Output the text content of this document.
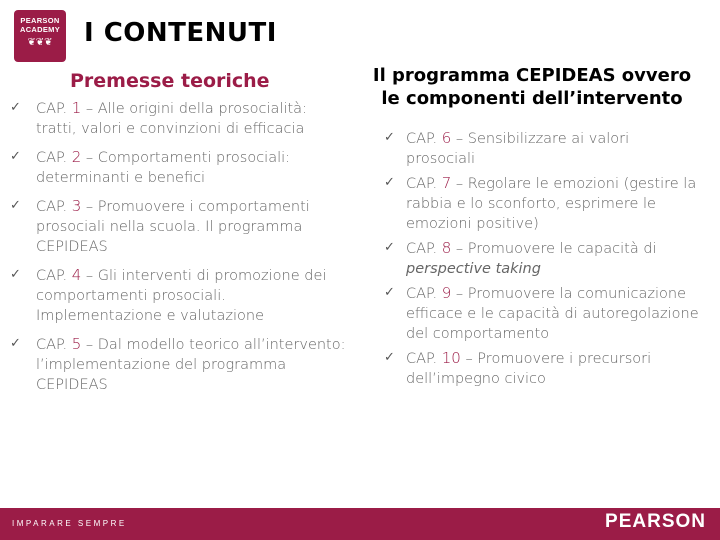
PEARSON
ACADEMY
❦❦❦	I CONTENUTI
Premesse teoriche	Il programma CEPIDEAS ovvero le componenti dell’intervento
✓ CAP. 1 – Alle origini della prosocialità: tratti, valori e convinzioni di efficacia
✓ CAP. 2 – Comportamenti prosociali: determinanti e benefici
✓ CAP. 3 – Promuovere i comportamenti prosociali nella scuola. Il programma CEPIDEAS
✓ CAP. 4 – Gli interventi di promozione dei comportamenti prosociali. Implementazione e valutazione
✓ CAP. 5 – Dal modello teorico all’intervento: l’implementazione del programma CEPIDEAS
✓ CAP. 6 – Sensibilizzare ai valori prosociali
✓ CAP. 7 – Regolare le emozioni (gestire la rabbia e lo sconforto, esprimere le emozioni positive)
✓ CAP. 8 – Promuovere le capacità di perspective taking
✓ CAP. 9 – Promuovere la comunicazione efficace e le capacità di autoregolazione del comportamento
✓ CAP. 10 – Promuovere i precursori dell’impegno civico
IMPARARE SEMPRE	PEARSON
